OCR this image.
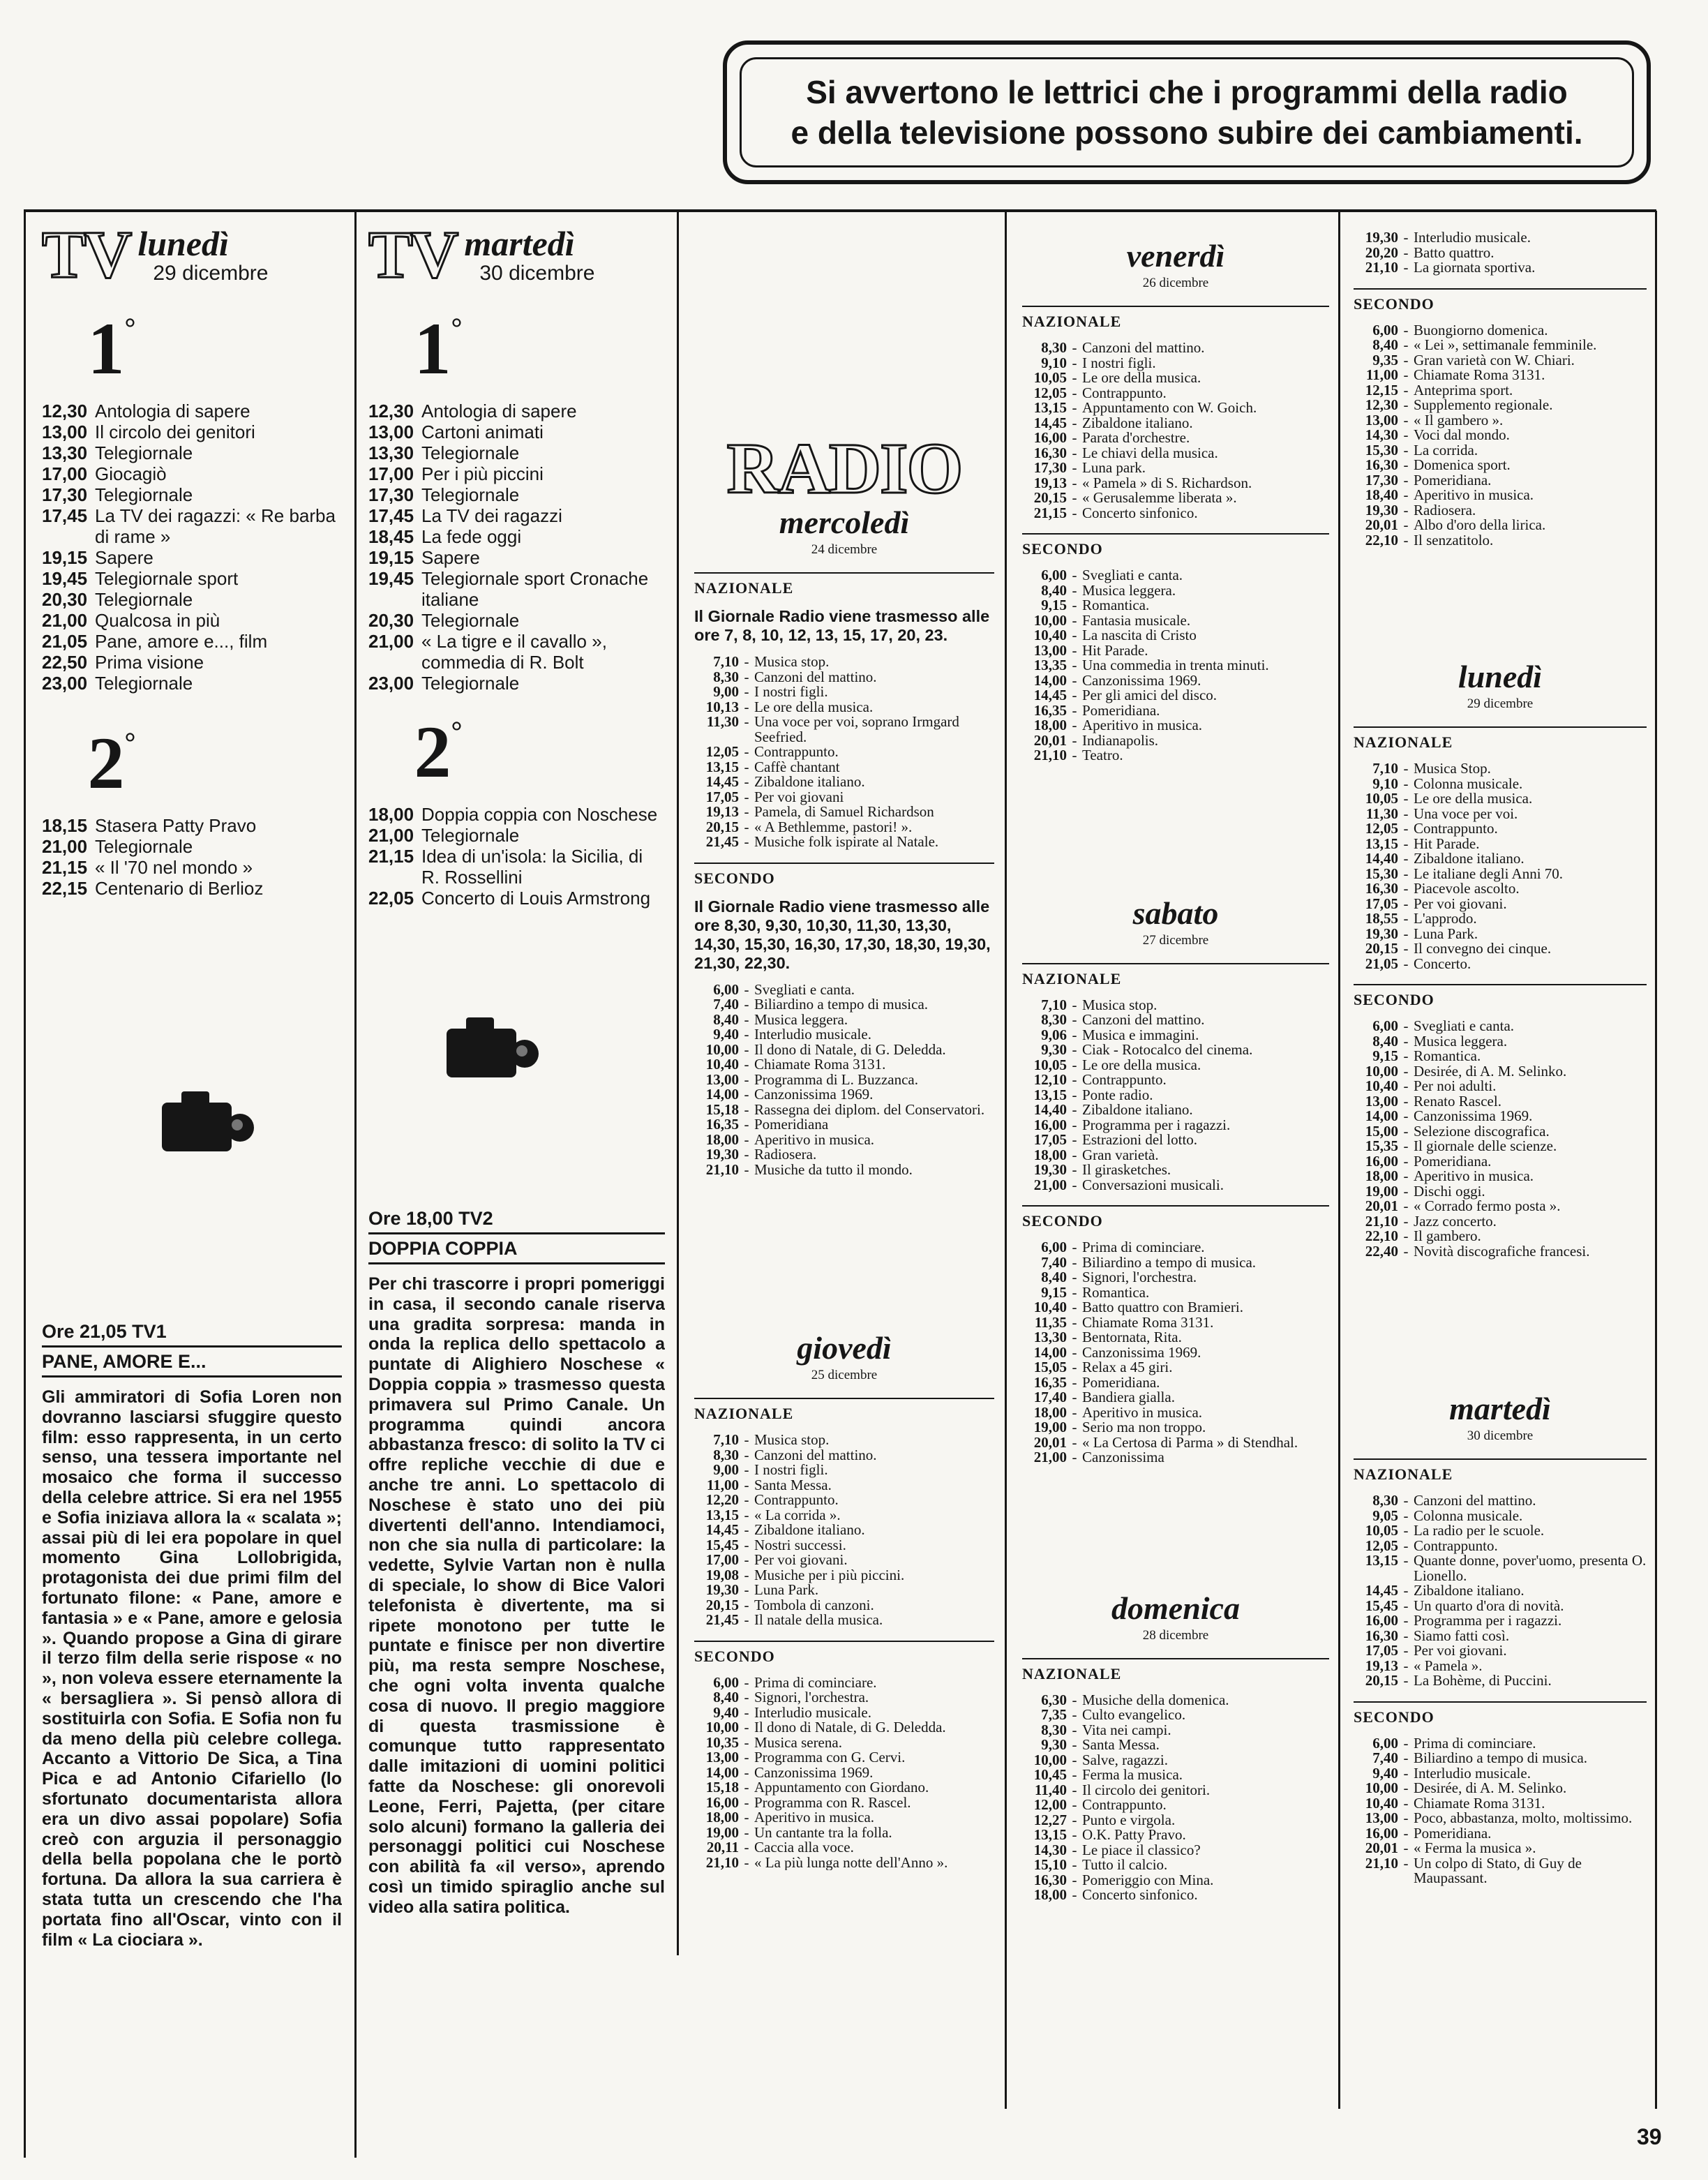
Si avvertono le lettrici che i programmi della radio
e della televisione possono subire dei cambiamenti.
TV lunedì
29 dicembre
1°
12,30 Antologia di sapere
13,00 Il circolo dei genitori
13,30 Telegiornale
17,00 Giocagiò
17,30 Telegiornale
17,45 La TV dei ragazzi: « Re barba di rame »
19,15 Sapere
19,45 Telegiornale sport
20,30 Telegiornale
21,00 Qualcosa in più
21,05 Pane, amore e..., film
22,50 Prima visione
23,00 Telegiornale
2°
18,15 Stasera Patty Pravo
21,00 Telegiornale
21,15 « Il '70 nel mondo »
22,15 Centenario di Berlioz
Ore 21,05 TV1
PANE, AMORE E...
Gli ammiratori di Sofia Loren non dovranno lasciarsi sfuggire questo film: esso rappresenta, in un certo senso, una tessera importante nel mosaico che forma il successo della celebre attrice. Si era nel 1955 e Sofia iniziava allora la « scalata »; assai più di lei era popolare in quel momento Gina Lollobrigida, protagonista dei due primi film del fortunato filone: « Pane, amore e fantasia » e « Pane, amore e gelosia ». Quando propose a Gina di girare il terzo film della serie rispose « no », non voleva essere eternamente la « bersagliera ». Si pensò allora di sostituirla con Sofia. E Sofia non fu da meno della più celebre collega. Accanto a Vittorio De Sica, a Tina Pica e ad Antonio Cifariello (lo sfortunato documentarista allora era un divo assai popolare) Sofia creò con arguzia il personaggio della bella popolana che le portò fortuna. Da allora la sua carriera è stata tutta un crescendo che l'ha portata fino all'Oscar, vinto con il film « La ciociara ».
TV martedì
30 dicembre
1°
12,30 Antologia di sapere
13,00 Cartoni animati
13,30 Telegiornale
17,00 Per i più piccini
17,30 Telegiornale
17,45 La TV dei ragazzi
18,45 La fede oggi
19,15 Sapere
19,45 Telegiornale sport Cronache italiane
20,30 Telegiornale
21,00 « La tigre e il cavallo », commedia di R. Bolt
23,00 Telegiornale
2°
18,00 Doppia coppia con Noschese
21,00 Telegiornale
21,15 Idea di un'isola: la Sicilia, di R. Rossellini
22,05 Concerto di Louis Armstrong
Ore 18,00 TV2
DOPPIA COPPIA
Per chi trascorre i propri pomeriggi in casa, il secondo canale riserva una gradita sorpresa: manda in onda la replica dello spettacolo a puntate di Alighiero Noschese « Doppia coppia » trasmesso questa primavera sul Primo Canale. Un programma quindi ancora abbastanza fresco: di solito la TV ci offre repliche vecchie di due e anche tre anni. Lo spettacolo di Noschese è stato uno dei più divertenti dell'anno. Intendiamoci, non che sia nulla di particolare: la vedette, Sylvie Vartan non è nulla di speciale, lo show di Bice Valori telefonista è divertente, ma si ripete monotono per tutte le puntate e finisce per non divertire più, ma resta sempre Noschese, che ogni volta inventa qualche cosa di nuovo. Il pregio maggiore di questa trasmissione è comunque tutto rappresentato dalle imitazioni di uomini politici fatte da Noschese: gli onorevoli Leone, Ferri, Pajetta, (per citare solo alcuni) formano la galleria dei personaggi politici cui Noschese con abilità fa «il verso», aprendo così un timido spiraglio anche sul video alla satira politica.
RADIO
mercoledì
24 dicembre
NAZIONALE
Il Giornale Radio viene trasmesso alle ore 7, 8, 10, 12, 13, 15, 17, 20, 23.
7,10 - Musica stop.
8,30 - Canzoni del mattino.
9,00 - I nostri figli.
10,13 - Le ore della musica.
11,30 - Una voce per voi, soprano Irmgard Seefried.
12,05 - Contrappunto.
13,15 - Caffè chantant
14,45 - Zibaldone italiano.
17,05 - Per voi giovani
19,13 - Pamela, di Samuel Richardson
20,15 - « A Bethlemme, pastori! ».
21,45 - Musiche folk ispirate al Natale.
SECONDO
Il Giornale Radio viene trasmesso alle ore 8,30, 9,30, 10,30, 11,30, 13,30, 14,30, 15,30, 16,30, 17,30, 18,30, 19,30, 21,30, 22,30.
6,00 - Svegliati e canta.
7,40 - Biliardino a tempo di musica.
8,40 - Musica leggera.
9,40 - Interludio musicale.
10,00 - Il dono di Natale, di G. Deledda.
10,40 - Chiamate Roma 3131.
13,00 - Programma di L. Buzzanca.
14,00 - Canzonissima 1969.
15,18 - Rassegna dei diplom. del Conservatori.
16,35 - Pomeridiana
18,00 - Aperitivo in musica.
19,30 - Radiosera.
21,10 - Musiche da tutto il mondo.
giovedì
25 dicembre
NAZIONALE
7,10 - Musica stop.
8,30 - Canzoni del mattino.
9,00 - I nostri figli.
11,00 - Santa Messa.
12,20 - Contrappunto.
13,15 - « La corrida ».
14,45 - Zibaldone italiano.
15,45 - Nostri successi.
17,00 - Per voi giovani.
19,08 - Musiche per i più piccini.
19,30 - Luna Park.
20,15 - Tombola di canzoni.
21,45 - Il natale della musica.
SECONDO
6,00 - Prima di cominciare.
8,40 - Signori, l'orchestra.
9,40 - Interludio musicale.
10,00 - Il dono di Natale, di G. Deledda.
10,35 - Musica serena.
13,00 - Programma con G. Cervi.
14,00 - Canzonissima 1969.
15,18 - Appuntamento con Giordano.
16,00 - Programma con R. Rascel.
18,00 - Aperitivo in musica.
19,00 - Un cantante tra la folla.
20,11 - Caccia alla voce.
21,10 - « La più lunga notte dell'Anno ».
venerdì
26 dicembre
NAZIONALE
8,30 - Canzoni del mattino.
9,10 - I nostri figli.
10,05 - Le ore della musica.
12,05 - Contrappunto.
13,15 - Appuntamento con W. Goich.
14,45 - Zibaldone italiano.
16,00 - Parata d'orchestre.
16,30 - Le chiavi della musica.
17,30 - Luna park.
19,13 - « Pamela » di S. Richardson.
20,15 - « Gerusalemme liberata ».
21,15 - Concerto sinfonico.
SECONDO
6,00 - Svegliati e canta.
8,40 - Musica leggera.
9,15 - Romantica.
10,00 - Fantasia musicale.
10,40 - La nascita di Cristo
13,00 - Hit Parade.
13,35 - Una commedia in trenta minuti.
14,00 - Canzonissima 1969.
14,45 - Per gli amici del disco.
16,35 - Pomeridiana.
18,00 - Aperitivo in musica.
20,01 - Indianapolis.
21,10 - Teatro.
sabato
27 dicembre
NAZIONALE
7,10 - Musica stop.
8,30 - Canzoni del mattino.
9,06 - Musica e immagini.
9,30 - Ciak - Rotocalco del cinema.
10,05 - Le ore della musica.
12,10 - Contrappunto.
13,15 - Ponte radio.
14,40 - Zibaldone italiano.
16,00 - Programma per i ragazzi.
17,05 - Estrazioni del lotto.
18,00 - Gran varietà.
19,30 - Il girasketches.
21,00 - Conversazioni musicali.
SECONDO
6,00 - Prima di cominciare.
7,40 - Biliardino a tempo di musica.
8,40 - Signori, l'orchestra.
9,15 - Romantica.
10,40 - Batto quattro con Bramieri.
11,35 - Chiamate Roma 3131.
13,30 - Bentornata, Rita.
14,00 - Canzonissima 1969.
15,05 - Relax a 45 giri.
16,35 - Pomeridiana.
17,40 - Bandiera gialla.
18,00 - Aperitivo in musica.
19,00 - Serio ma non troppo.
20,01 - « La Certosa di Parma » di Stendhal.
21,00 - Canzonissima
domenica
28 dicembre
NAZIONALE
6,30 - Musiche della domenica.
7,35 - Culto evangelico.
8,30 - Vita nei campi.
9,30 - Santa Messa.
10,00 - Salve, ragazzi.
10,45 - Ferma la musica.
11,40 - Il circolo dei genitori.
12,00 - Contrappunto.
12,27 - Punto e virgola.
13,15 - O.K. Patty Pravo.
14,30 - Le piace il classico?
15,10 - Tutto il calcio.
16,30 - Pomeriggio con Mina.
18,00 - Concerto sinfonico.
19,30 - Interludio musicale.
20,20 - Batto quattro.
21,10 - La giornata sportiva.
SECONDO
6,00 - Buongiorno domenica.
8,40 - « Lei », settimanale femminile.
9,35 - Gran varietà con W. Chiari.
11,00 - Chiamate Roma 3131.
12,15 - Anteprima sport.
12,30 - Supplemento regionale.
13,00 - « Il gambero ».
14,30 - Voci dal mondo.
15,30 - La corrida.
16,30 - Domenica sport.
17,30 - Pomeridiana.
18,40 - Aperitivo in musica.
19,30 - Radiosera.
20,01 - Albo d'oro della lirica.
22,10 - Il senzatitolo.
lunedì
29 dicembre
NAZIONALE
7,10 - Musica Stop.
9,10 - Colonna musicale.
10,05 - Le ore della musica.
11,30 - Una voce per voi.
12,05 - Contrappunto.
13,15 - Hit Parade.
14,40 - Zibaldone italiano.
15,30 - Le italiane degli Anni 70.
16,30 - Piacevole ascolto.
17,05 - Per voi giovani.
18,55 - L'approdo.
19,30 - Luna Park.
20,15 - Il convegno dei cinque.
21,05 - Concerto.
SECONDO
6,00 - Svegliati e canta.
8,40 - Musica leggera.
9,15 - Romantica.
10,00 - Desirée, di A. M. Selinko.
10,40 - Per noi adulti.
13,00 - Renato Rascel.
14,00 - Canzonissima 1969.
15,00 - Selezione discografica.
15,35 - Il giornale delle scienze.
16,00 - Pomeridiana.
18,00 - Aperitivo in musica.
19,00 - Dischi oggi.
20,01 - « Corrado fermo posta ».
21,10 - Jazz concerto.
22,10 - Il gambero.
22,40 - Novità discografiche francesi.
martedì
30 dicembre
NAZIONALE
8,30 - Canzoni del mattino.
9,05 - Colonna musicale.
10,05 - La radio per le scuole.
12,05 - Contrappunto.
13,15 - Quante donne, pover'uomo, presenta O. Lionello.
14,45 - Zibaldone italiano.
15,45 - Un quarto d'ora di novità.
16,00 - Programma per i ragazzi.
16,30 - Siamo fatti così.
17,05 - Per voi giovani.
19,13 - « Pamela ».
20,15 - La Bohème, di Puccini.
SECONDO
6,00 - Prima di cominciare.
7,40 - Biliardino a tempo di musica.
9,40 - Interludio musicale.
10,00 - Desirée, di A. M. Selinko.
10,40 - Chiamate Roma 3131.
13,00 - Poco, abbastanza, molto, moltissimo.
16,00 - Pomeridiana.
20,01 - « Ferma la musica ».
21,10 - Un colpo di Stato, di Guy de Maupassant.
39
